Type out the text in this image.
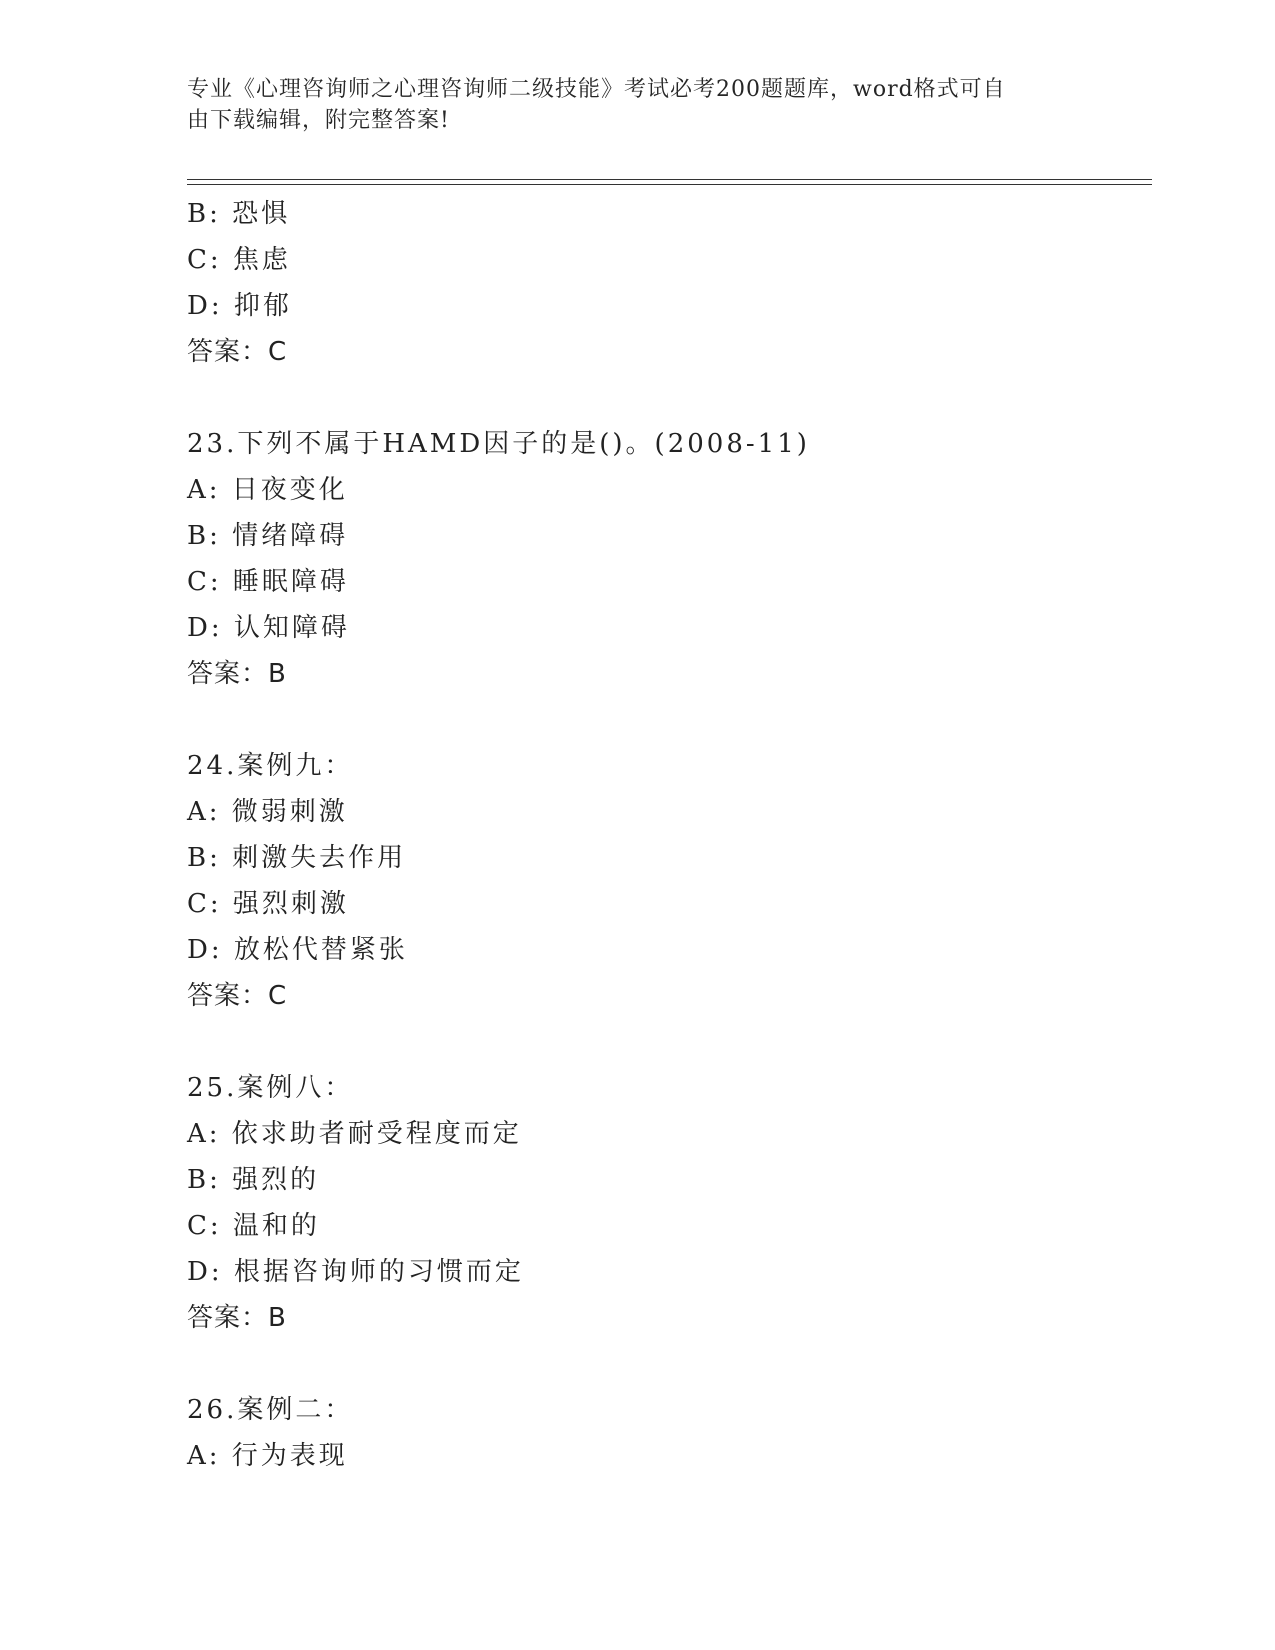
专业《心理咨询师之心理咨询师二级技能》考试必考200题题库，word格式可自
由下载编辑，附完整答案!
B: 恐惧
C: 焦虑
D: 抑郁
答案：C
23.下列不属于HAMD因子的是()。(2008-11)
A: 日夜变化
B: 情绪障碍
C: 睡眠障碍
D: 认知障碍
答案：B
24.案例九：
A: 微弱刺激
B: 刺激失去作用
C: 强烈刺激
D: 放松代替紧张
答案：C
25.案例八：
A: 依求助者耐受程度而定
B: 强烈的
C: 温和的
D: 根据咨询师的习惯而定
答案：B
26.案例二：
A: 行为表现
